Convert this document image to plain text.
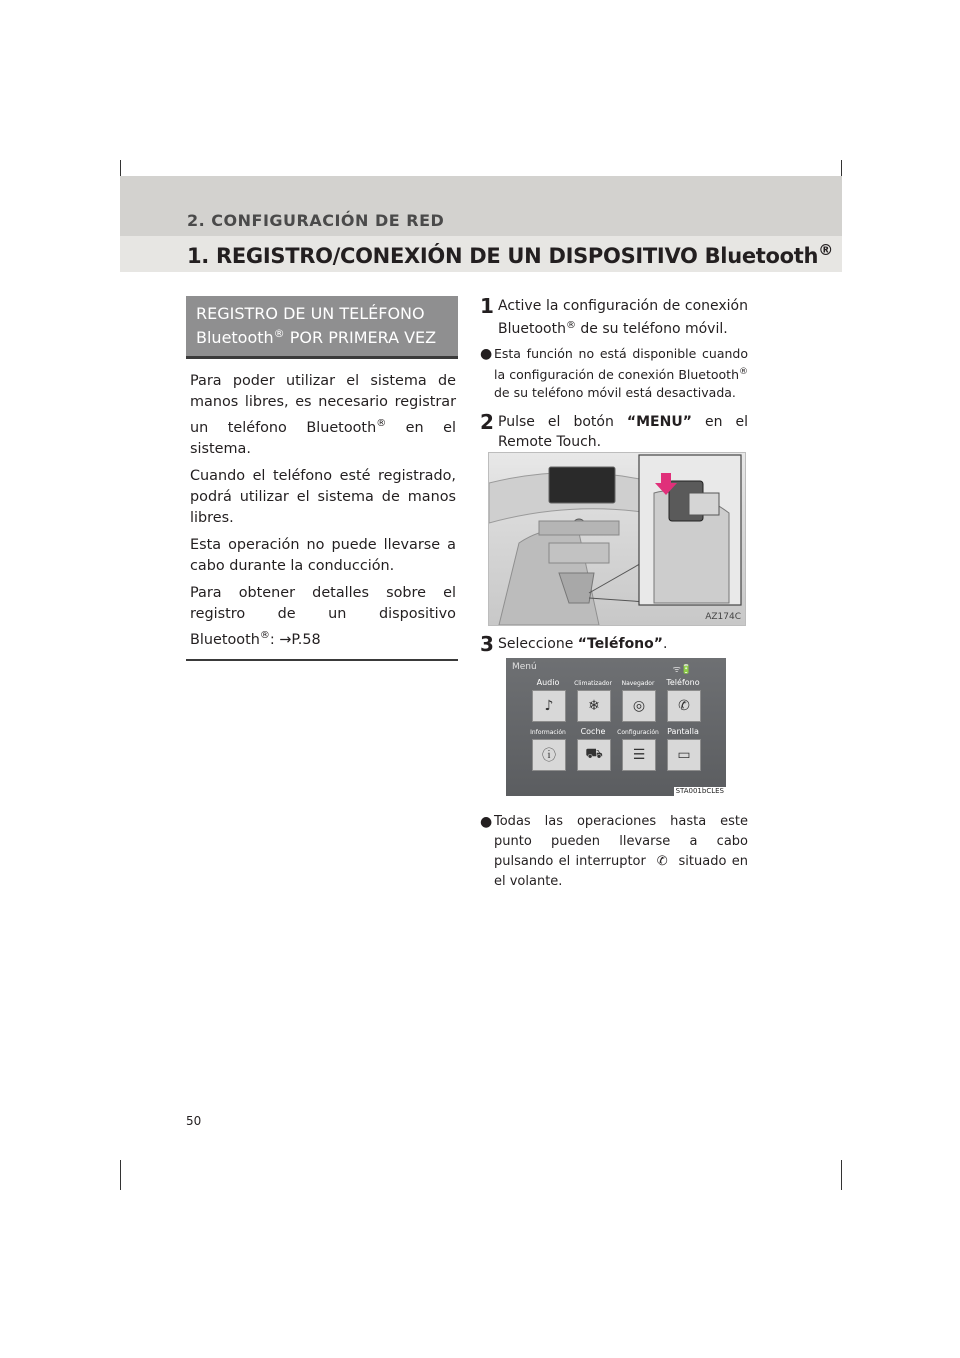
2. CONFIGURACIÓN DE RED
1. REGISTRO/CONEXIÓN DE UN DISPOSITIVO Bluetooth®
REGISTRO DE UN TELÉFONO
Bluetooth® POR PRIMERA VEZ

Para poder utilizar el sistema de manos libres, es necesario registrar un teléfono Bluetooth® en el sistema.

Cuando el teléfono esté registrado, podrá utilizar el sistema de manos libres.

Esta operación no puede llevarse a cabo durante la conducción.

Para obtener detalles sobre el registro de un dispositivo Bluetooth®: →P.58

1 Active la configuración de conexión Bluetooth® de su teléfono móvil.
● Esta función no está disponible cuando la configuración de conexión Bluetooth® de su teléfono móvil está desactivada.
2 Pulse el botón “MENU” en el Remote Touch.
AZ174C
3 Seleccione “Teléfono”.
Menú	ᯤ🔋
Audio	Climatizador	Navegador	Teléfono
♪ ❄ ◎ ✆
Información	Coche	Configuración	Pantalla
ⓘ ⛟ ☰ ▭
STA001bCLES
● Todas las operaciones hasta este punto pueden llevarse a cabo pulsando el interruptor ✆ situado en el volante.
50
